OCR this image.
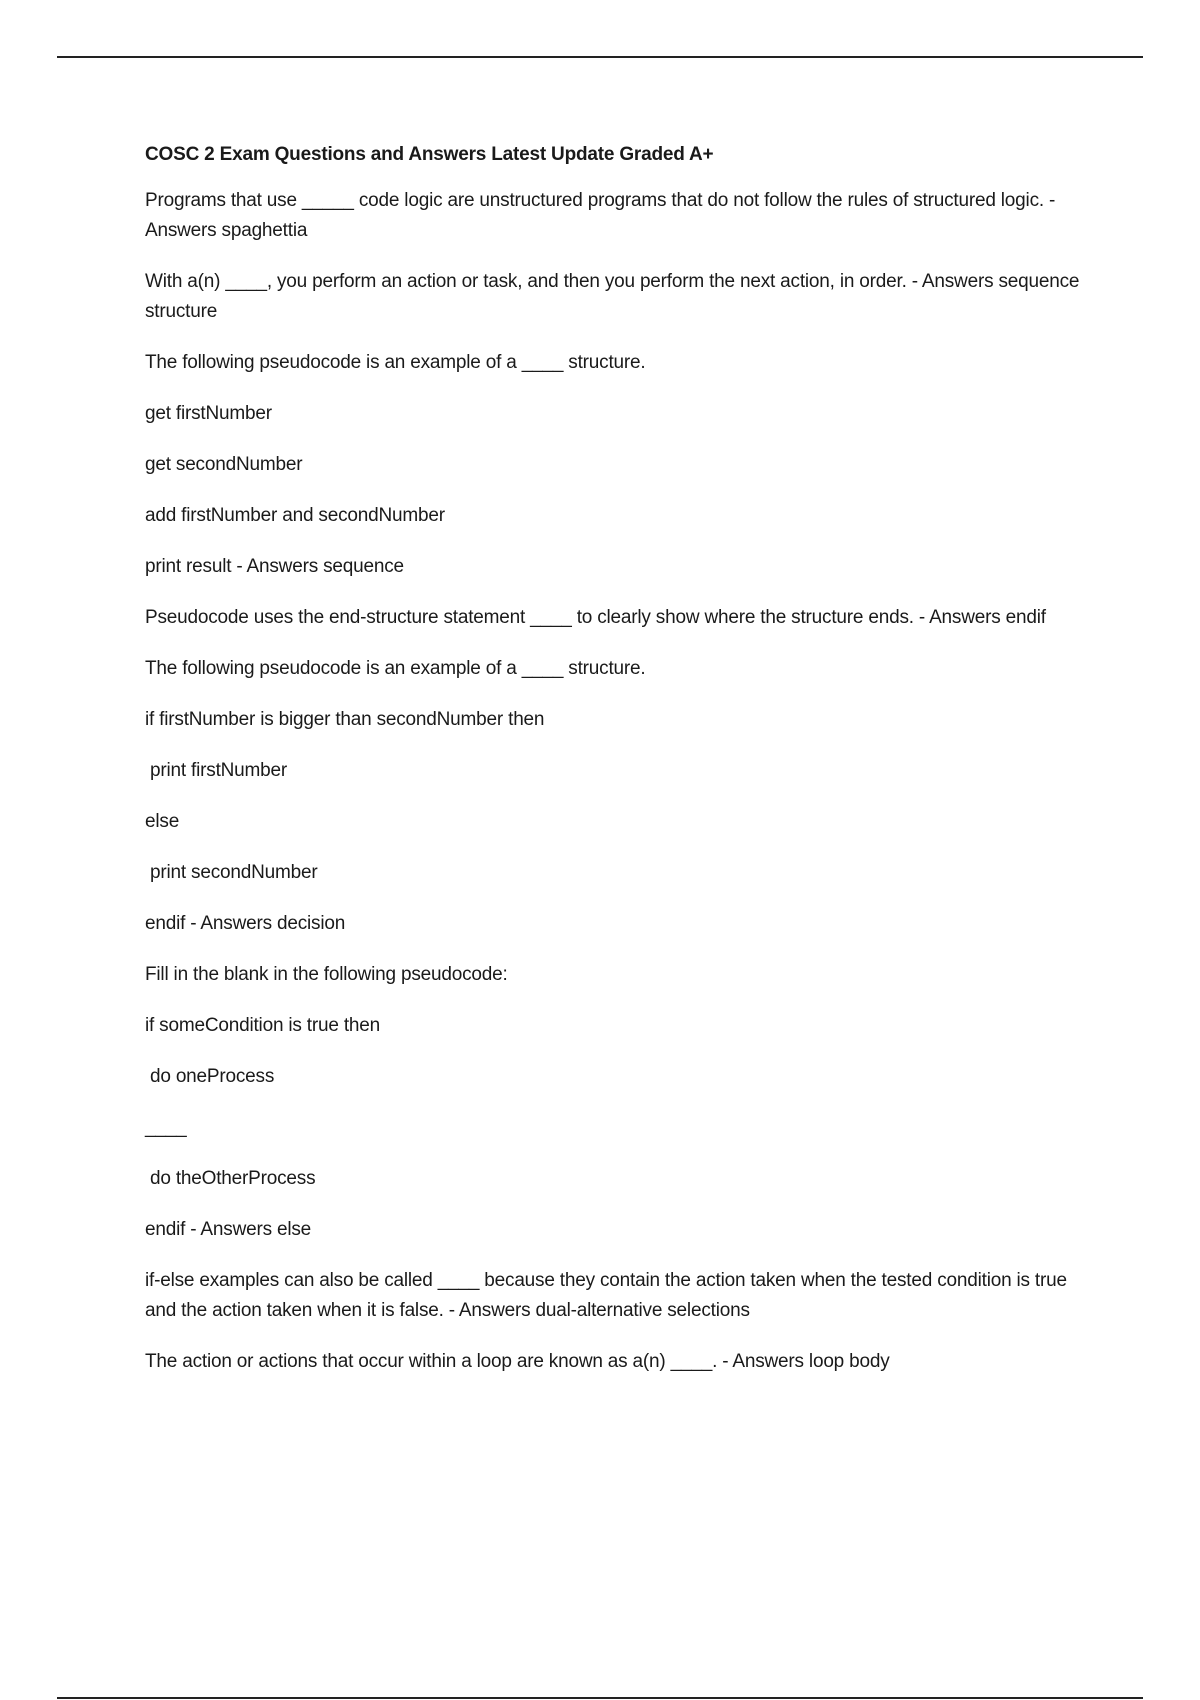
COSC 2 Exam Questions and Answers Latest Update Graded A+
Programs that use _____ code logic are unstructured programs that do not follow the rules of structured logic. - Answers spaghettia
With a(n) ____, you perform an action or task, and then you perform the next action, in order. - Answers sequence structure
The following pseudocode is an example of a ____ structure.
get firstNumber
get secondNumber
add firstNumber and secondNumber
print result - Answers sequence
Pseudocode uses the end-structure statement ____ to clearly show where the structure ends. - Answers endif
The following pseudocode is an example of a ____ structure.
if firstNumber is bigger than secondNumber then
print firstNumber
else
print secondNumber
endif - Answers decision
Fill in the blank in the following pseudocode:
if someCondition is true then
do oneProcess
____
do theOtherProcess
endif - Answers else
if-else examples can also be called ____ because they contain the action taken when the tested condition is true and the action taken when it is false. - Answers dual-alternative selections
The action or actions that occur within a loop are known as a(n) ____. - Answers loop body
